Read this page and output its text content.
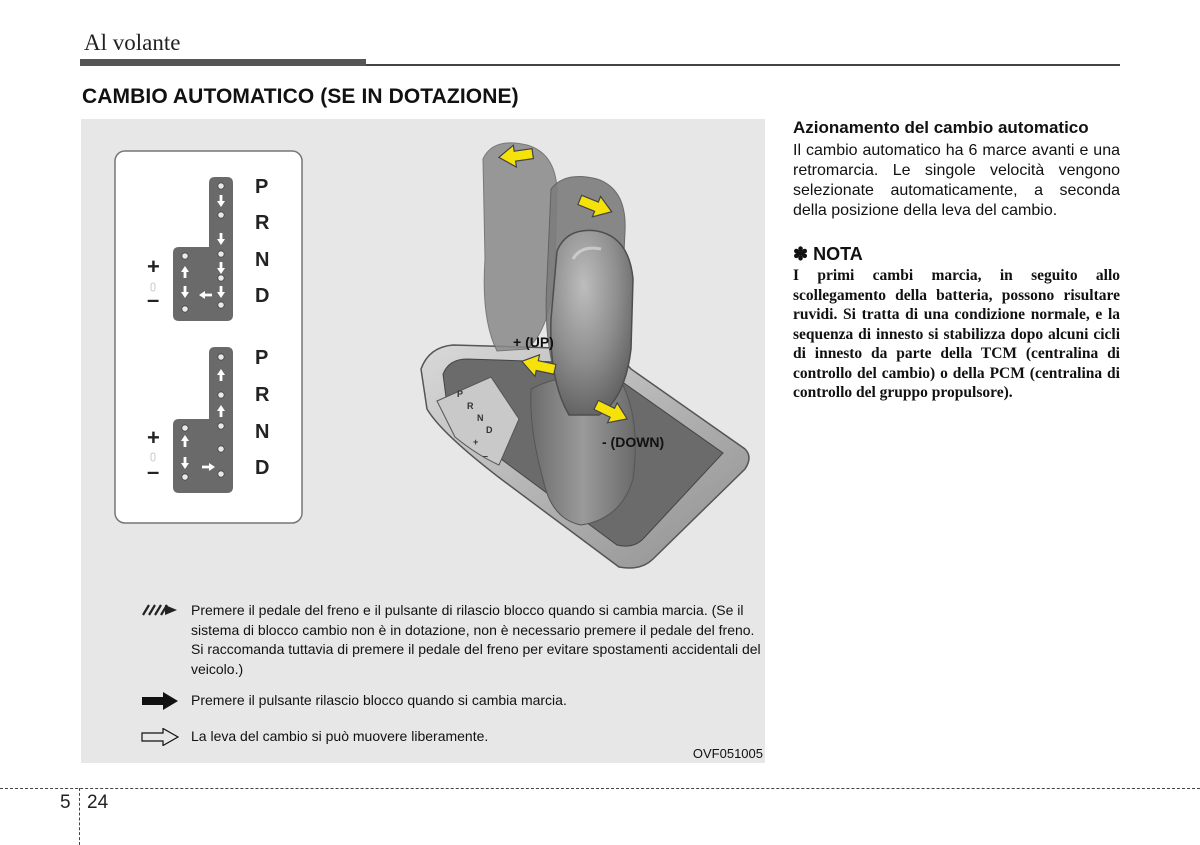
Al volante
CAMBIO AUTOMATICO (SE IN DOTAZIONE)
P
R
N
D
+
–
P
R
N
D
+
–
P
R
N
D
+
–
+ (UP)
- (DOWN)
Premere il pedale del freno e il pulsante di rilascio blocco quando si cambia marcia. (Se il sistema di blocco cambio non è in dotazione, non è necessario premere il pedale del freno. Si raccomanda tuttavia di premere il pedale del freno per evitare spostamenti accidentali del veicolo.)
Premere il pulsante rilascio blocco quando si cambia marcia.
La leva del cambio si può muovere liberamente.
OVF051005
Azionamento del cambio automatico

Il cambio automatico ha 6 marce avanti e una retromarcia. Le singole velocità vengono selezionate automaticamente, a seconda della posizione della leva del cambio.

✽ NOTA

I primi cambi marcia, in seguito allo scollegamento della batteria, possono risultare ruvidi. Si tratta di una condizione normale, e la sequenza di innesto si stabilizza dopo alcuni cicli di innesto da parte della TCM (centralina di controllo del cambio) o della PCM (centralina di controllo del gruppo propulsore).

5 24
